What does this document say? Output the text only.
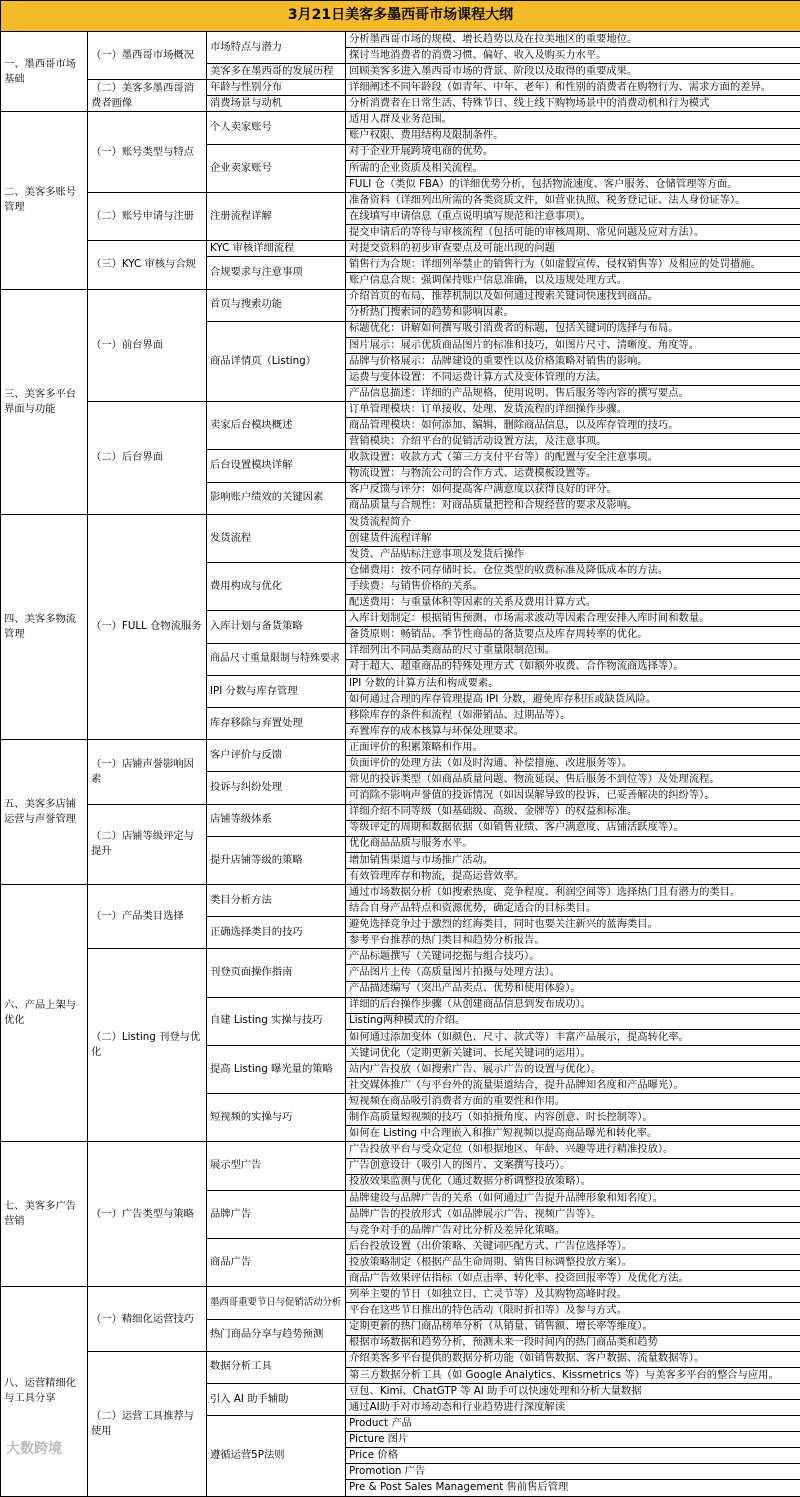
3月21日美客多墨西哥市场课程大纲			
一、墨西哥市场基础	（一）墨西哥市场概况	市场特点与潜力	分析墨西哥市场的规模、增长趋势以及在拉美地区的重要地位。
			探讨当地消费者的消费习惯、偏好、收入及购买力水平。
		美客多在墨西哥的发展历程	回顾美客多进入墨西哥市场的背景、阶段以及取得的重要成果。
	（二）美客多墨西哥消费者画像	年龄与性别分布	详细阐述不同年龄段（如青年、中年、老年）和性别的消费者在购物行为、需求方面的差异。
		消费场景与动机	分析消费者在日常生活、特殊节日、线上线下购物场景中的消费动机和行为模式
二、美客多账号管理	（一）账号类型与特点	个人卖家账号	适用人群及业务范围。
			账户权限、费用结构及限制条件。
		企业卖家账号	对于企业开展跨境电商的优势。
			所需的企业资质及相关流程。
			FULI 仓（类似 FBA）的详细优势分析，包括物流速度、客户服务、仓储管理等方面。
	（二）账号申请与注册	注册流程详解	准备资料（详细列出所需的各类资质文件，如营业执照、税务登记证、法人身份证等）。
			在线填写申请信息（重点说明填写规范和注意事项）。
			提交申请后的等待与审核流程（包括可能的审核周期、常见问题及应对方法）。
	（三）KYC 审核与合规	KYC 审核详细流程	对提交资料的初步审查要点及可能出现的问题
		合规要求与注意事项	销售行为合规：详细列举禁止的销售行为（如虚假宣传、侵权销售等）及相应的处罚措施。
			账户信息合规：强调保持账户信息准确，以及违规处理方式。
三、美客多平台界面与功能	（一）前台界面	首页与搜索功能	介绍首页的布局、推荐机制以及如何通过搜索关键词快速找到商品。
			分析热门搜索词的趋势和影响因素。
		商品详情页（Listing）	标题优化：讲解如何撰写吸引消费者的标题，包括关键词的选择与布局。
			图片展示：展示优质商品图片的标准和技巧，如图片尺寸、清晰度、角度等。
			品牌与价格展示：品牌建设的重要性以及价格策略对销售的影响。
			运费与变体设置：不同运费计算方式及变体管理的方法。
			产品信息描述：详细的产品规格、使用说明、售后服务等内容的撰写要点。
	（二）后台界面	卖家后台模块概述	订单管理模块：订单接收、处理、发货流程的详细操作步骤。
			商品管理模块：如何添加、编辑、删除商品信息，以及库存管理的技巧。
			营销模块：介绍平台的促销活动设置方法，及注意事项。
		后台设置模块详解	收款设置：收款方式（第三方支付平台等）的配置与安全注意事项。
			物流设置：与物流公司的合作方式、运费模板设置等。
		影响账户绩效的关键因素	客户反馈与评分：如何提高客户满意度以获得良好的评分。
			商品质量与合规性：对商品质量把控和合规经营的要求及影响。
四、美客多物流管理	（一）FULL 仓物流服务	发货流程	发货流程简介
			创建货件流程详解
			发货、产品贴标注意事项及发货后操作
		费用构成与优化	仓储费用：按不同存储时长、仓位类型的收费标准及降低成本的方法。
			手续费：与销售价格的关系。
			配送费用：与重量体积等因素的关系及费用计算方式。
		入库计划与备货策略	入库计划制定：根据销售预测、市场需求波动等因素合理安排入库时间和数量。
			备货原则：畅销品、季节性商品的备货要点及库存周转率的优化。
		商品尺寸重量限制与特殊要求	详细列出不同品类商品的尺寸重量限制范围。
			对于超大、超重商品的特殊处理方式（如额外收费、合作物流商选择等）。
		IPI 分数与库存管理	IPI 分数的计算方法和构成要素。
			如何通过合理的库存管理提高 IPI 分数，避免库存积压或缺货风险。
		库存移除与弃置处理	移除库存的条件和流程（如滞销品、过期品等）。
			弃置库存的成本核算与环保处理要求。
五、美客多店铺运营与声誉管理	（一）店铺声誉影响因素	客户评价与反馈	正面评价的积累策略和作用。
			负面评价的处理方法（如及时沟通、补偿措施、改进服务等）。
		投诉与纠纷处理	常见的投诉类型（如商品质量问题、物流延误、售后服务不到位等）及处理流程。
			可消除不影响声誉值的投诉情况（如因误解导致的投诉、已妥善解决的纠纷等）。
	（二）店铺等级评定与提升	店铺等级体系	详细介绍不同等级（如基础级、高级、金牌等）的权益和标准。
			等级评定的周期和数据依据（如销售业绩、客户满意度、店铺活跃度等）。
		提升店铺等级的策略	优化商品品质与服务水平。
			增加销售渠道与市场推广活动。
			有效管理库存和物流，提高运营效率。
六、产品上架与优化	（一）产品类目选择	类目分析方法	通过市场数据分析（如搜索热度、竞争程度、利润空间等）选择热门且有潜力的类目。
			结合自身产品特点和资源优势，确定适合的目标类目。
		正确选择类目的技巧	避免选择竞争过于激烈的红海类目，同时也要关注新兴的蓝海类目。
			参考平台推荐的热门类目和趋势分析报告。
	（二）Listing 刊登与优化	刊登页面操作指南	产品标题撰写（关键词挖掘与组合技巧）。
			产品图片上传（高质量图片拍摄与处理方法）。
			产品描述编写（突出产品卖点、优势和使用体验）。
		自建 Listing 实操与技巧	详细的后台操作步骤（从创建商品信息到发布成功）。
			Listing两种模式的介绍。
			如何通过添加变体（如颜色、尺寸、款式等）丰富产品展示，提高转化率。
		提高 Listing 曝光量的策略	关键词优化（定期更新关键词、长尾关键词的运用）。
			站内广告投放（如搜索广告、展示广告的设置与优化）。
			社交媒体推广（与平台外的流量渠道结合，提升品牌知名度和产品曝光）。
		短视频的实操与巧	短视频在商品吸引消费者方面的重要性和作用。
			制作高质量短视频的技巧（如拍摄角度、内容创意、时长控制等）。
			如何在 Listing 中合理嵌入和推广短视频以提高商品曝光和转化率。
七、美客多广告营销	（一）广告类型与策略	展示型广告	广告投放平台与受众定位（如根据地区、年龄、兴趣等进行精准投放）。
			广告创意设计（吸引人的图片、文案撰写技巧）。
			投放效果监测与优化（通过数据分析调整投放策略）。
		品牌广告	品牌建设与品牌广告的关系（如何通过广告提升品牌形象和知名度）。
			品牌广告的投放形式（如品牌展示广告、视频广告等）。
			与竞争对手的品牌广告对比分析及差异化策略。
		商品广告	后台投放设置（出价策略、关键词匹配方式、广告位选择等）。
			投放策略制定（根据产品生命周期、销售目标调整投放方案）。
			商品广告效果评估指标（如点击率、转化率、投资回报率等）及优化方法。
八、运营精细化与工具分享	（一）精细化运营技巧	墨西哥重要节日与促销活动分析	列举主要的节日（如独立日、亡灵节等）及其购物高峰时段。
			平台在这些节日推出的特色活动（限时折扣等）及参与方式。
		热门商品分享与趋势预测	定期更新的热门商品榜单分析（从销量、销售额、增长率等维度）。
			根据市场数据和趋势分析，预测未来一段时间内的热门商品类和趋势
	（二）运营工具推荐与使用	数据分析工具	介绍美客多平台提供的数据分析功能（如销售数据、客户数据、流量数据等）。
			第三方数据分析工具（如 Google Analytics、Kissmetrics 等）与美客多平台的整合与应用。
		引入 AI 助手辅助	豆包、Kimi、ChatGTP 等 AI 助手可以快速处理和分析大量数据
			通过AI助手对市场动态和行业趋势进行深度解读
		遵循运营5P法则	Product 产品
			Picture 图片
			Price 价格
			Promotion 广告
			Pre & Post Sales Management 售前售后管理
大数跨境
